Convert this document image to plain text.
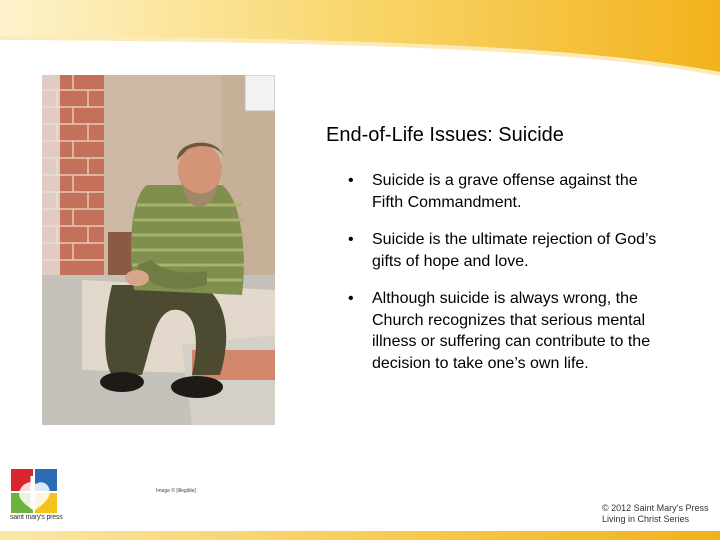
Image © [illegible]
End-of-Life Issues: Suicide
• Suicide is a grave offense against the Fifth Commandment.
• Suicide is the ultimate rejection of God’s gifts of hope and love.
• Although suicide is always wrong, the Church recognizes that serious mental illness or suffering can contribute to the decision to take one’s own life.
saint mary's press
© 2012 Saint Mary’s Press
Living in Christ Series
